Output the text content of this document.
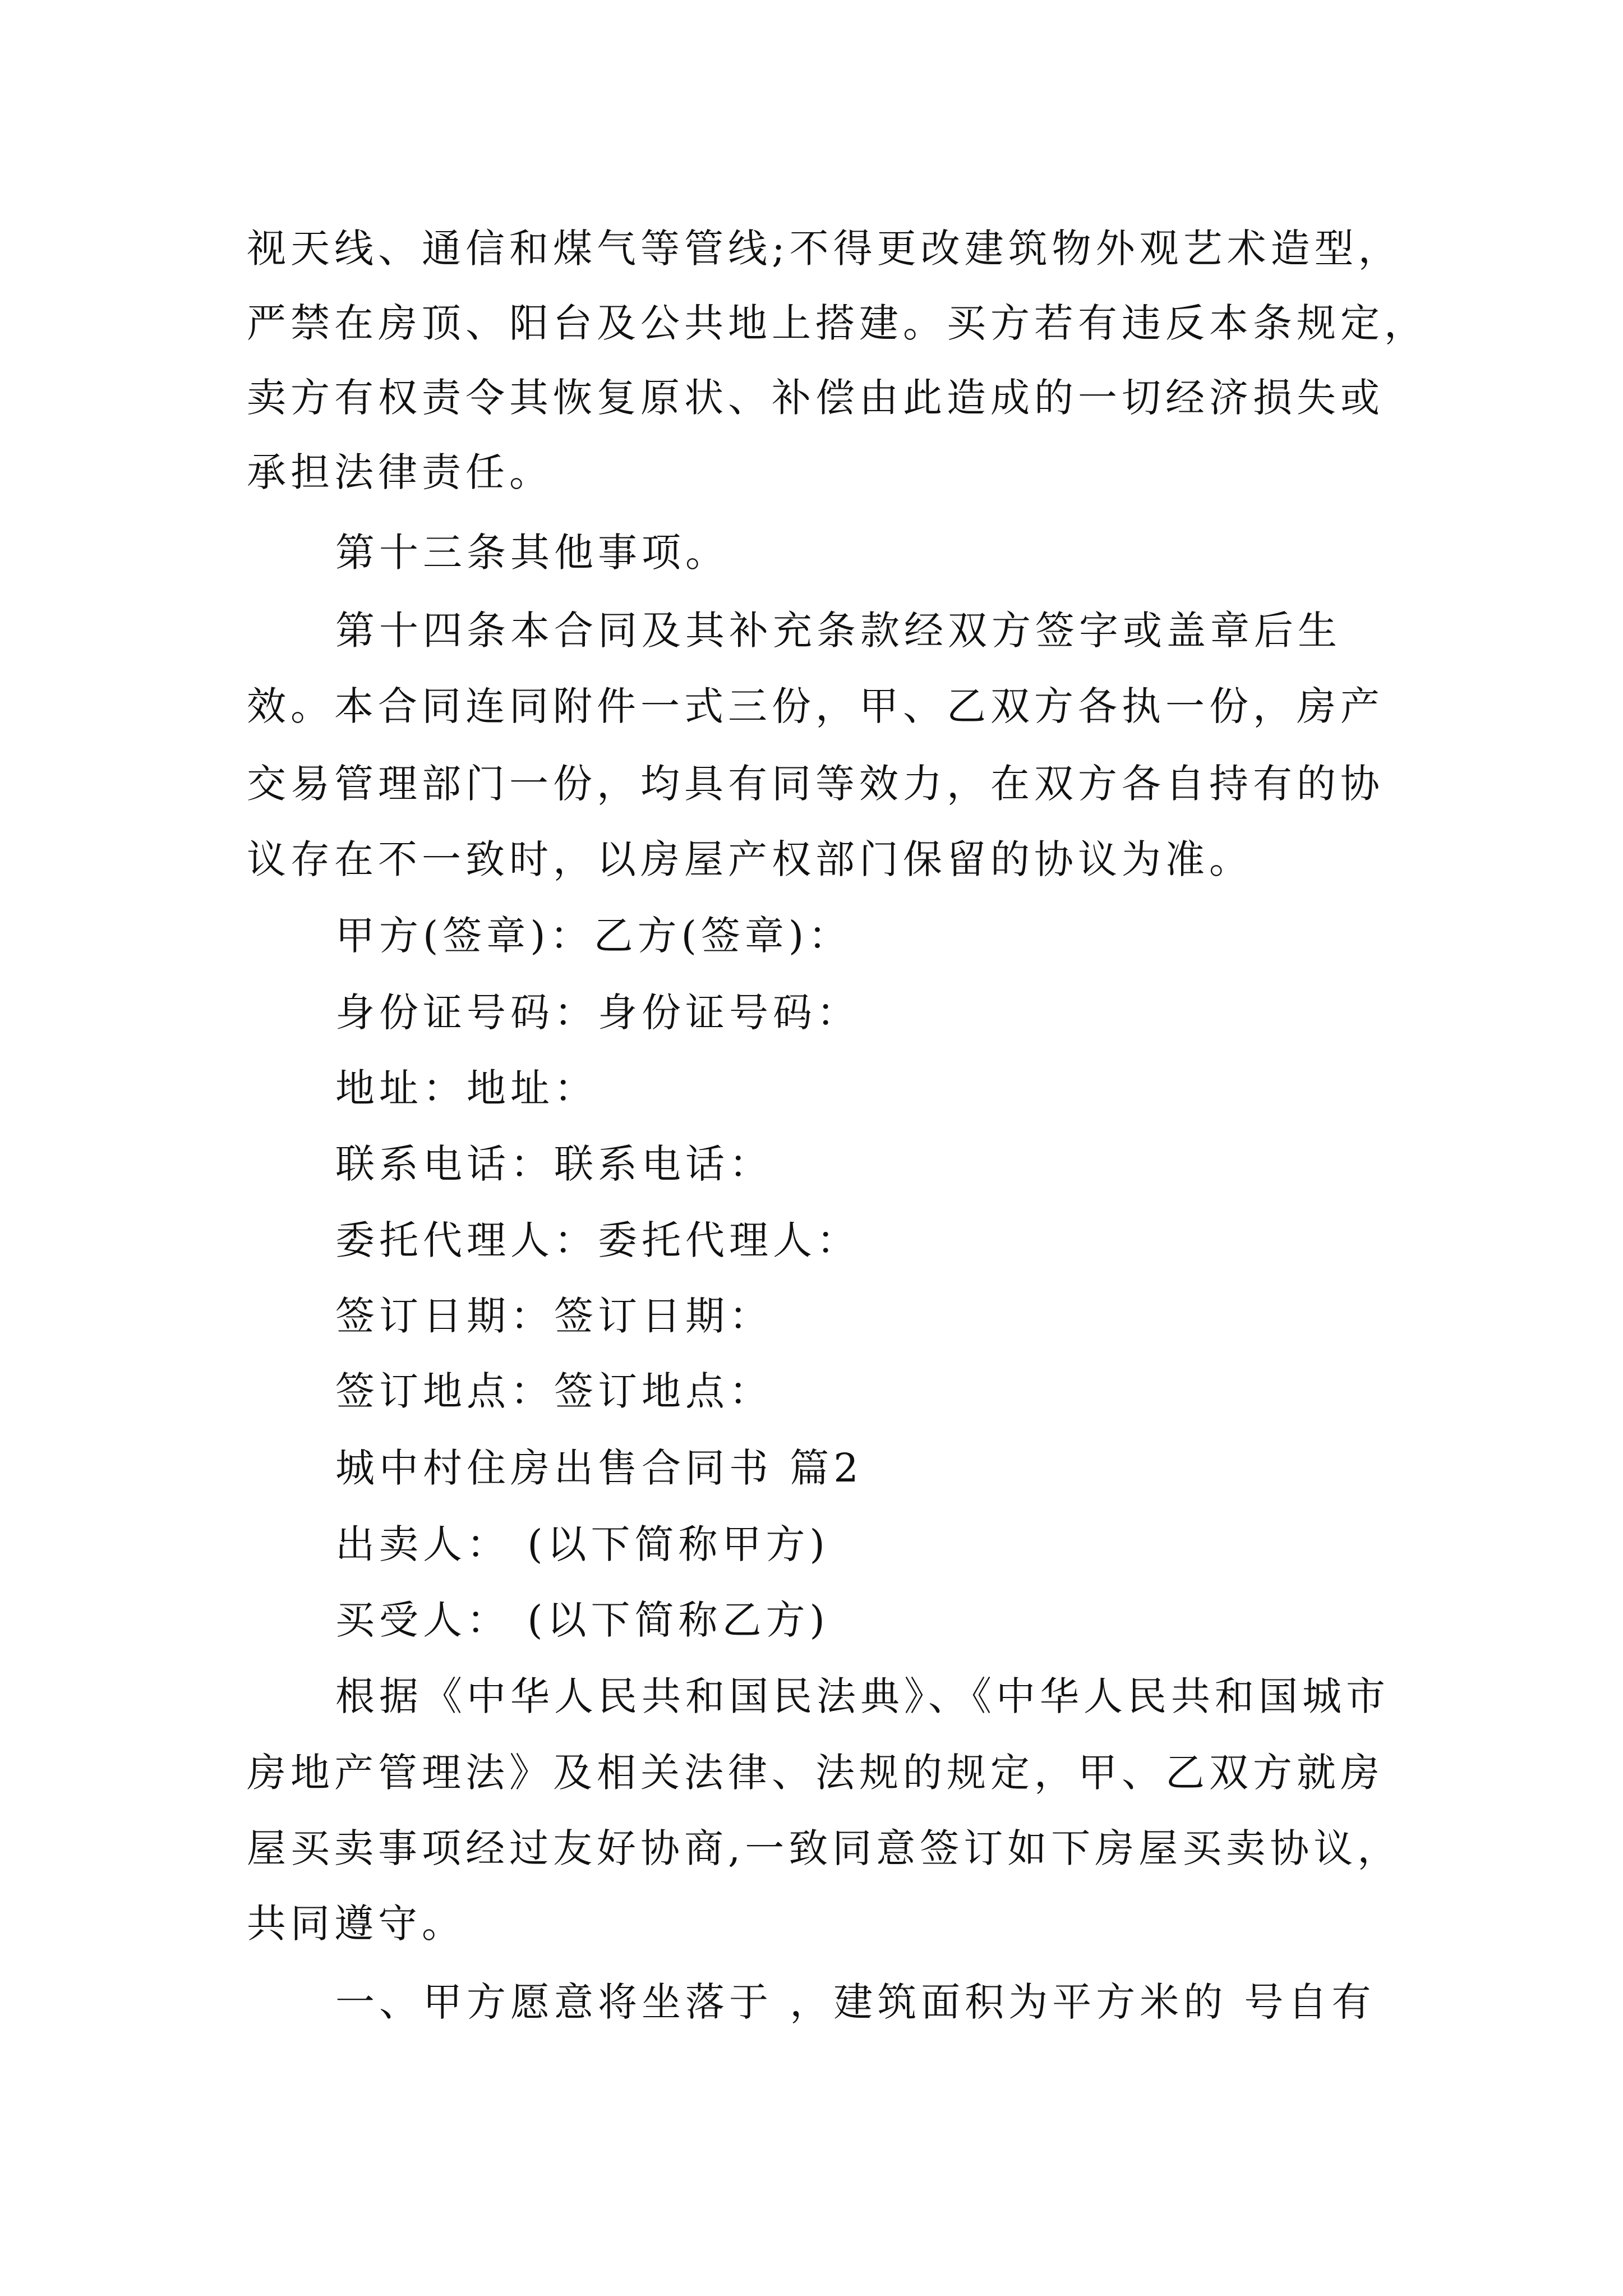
视天线、通信和煤气等管线;不得更改建筑物外观艺术造型，
严禁在房顶、阳台及公共地上搭建。买方若有违反本条规定，
卖方有权责令其恢复原状、补偿由此造成的一切经济损失或
承担法律责任。
第十三条其他事项。
第十四条本合同及其补充条款经双方签字或盖章后生
效。本合同连同附件一式三份，甲、乙双方各执一份，房产
交易管理部门一份，均具有同等效力，在双方各自持有的协
议存在不一致时，以房屋产权部门保留的协议为准。
甲方(签章)：乙方(签章)：
身份证号码：身份证号码：
地址：地址：
联系电话：联系电话：
委托代理人：委托代理人：
签订日期：签订日期：
签订地点：签订地点：
城中村住房出售合同书 篇2
出卖人： (以下简称甲方)
买受人： (以下简称乙方)
根据《中华人民共和国民法典》、《中华人民共和国城市
房地产管理法》及相关法律、法规的规定，甲、乙双方就房
屋买卖事项经过友好协商,一致同意签订如下房屋买卖协议，
共同遵守。
一、甲方愿意将坐落于 ，建筑面积为平方米的 号自有
